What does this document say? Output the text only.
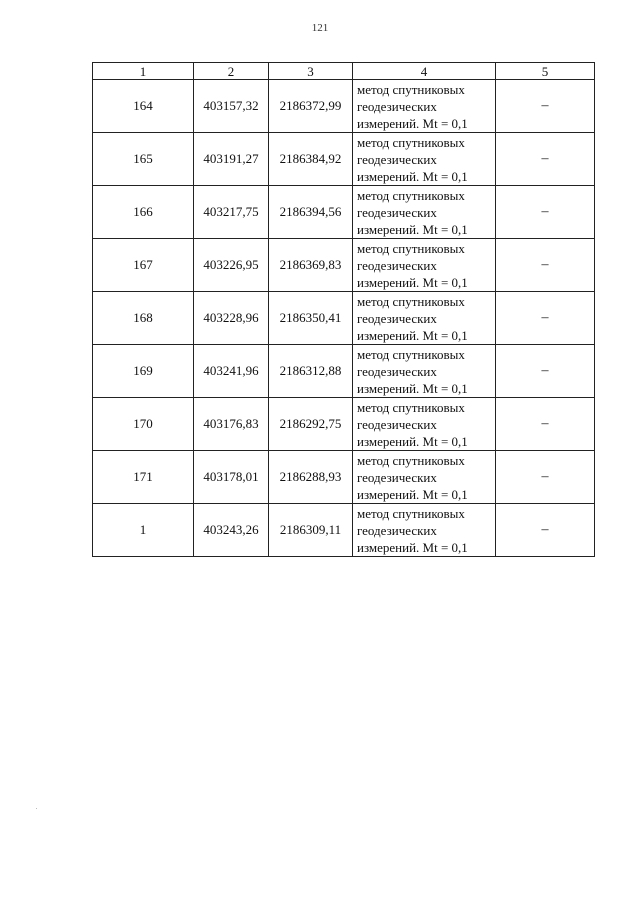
121
1	2	3	4	5
164	403157,32	2186372,99	метод спутниковых
геодезических
измерений. Mt = 0,1	–
165	403191,27	2186384,92	метод спутниковых
геодезических
измерений. Mt = 0,1	–
166	403217,75	2186394,56	метод спутниковых
геодезических
измерений. Mt = 0,1	–
167	403226,95	2186369,83	метод спутниковых
геодезических
измерений. Mt = 0,1	–
168	403228,96	2186350,41	метод спутниковых
геодезических
измерений. Mt = 0,1	–
169	403241,96	2186312,88	метод спутниковых
геодезических
измерений. Mt = 0,1	–
170	403176,83	2186292,75	метод спутниковых
геодезических
измерений. Mt = 0,1	–
171	403178,01	2186288,93	метод спутниковых
геодезических
измерений. Mt = 0,1	–
1	403243,26	2186309,11	метод спутниковых
геодезических
измерений. Mt = 0,1	–
